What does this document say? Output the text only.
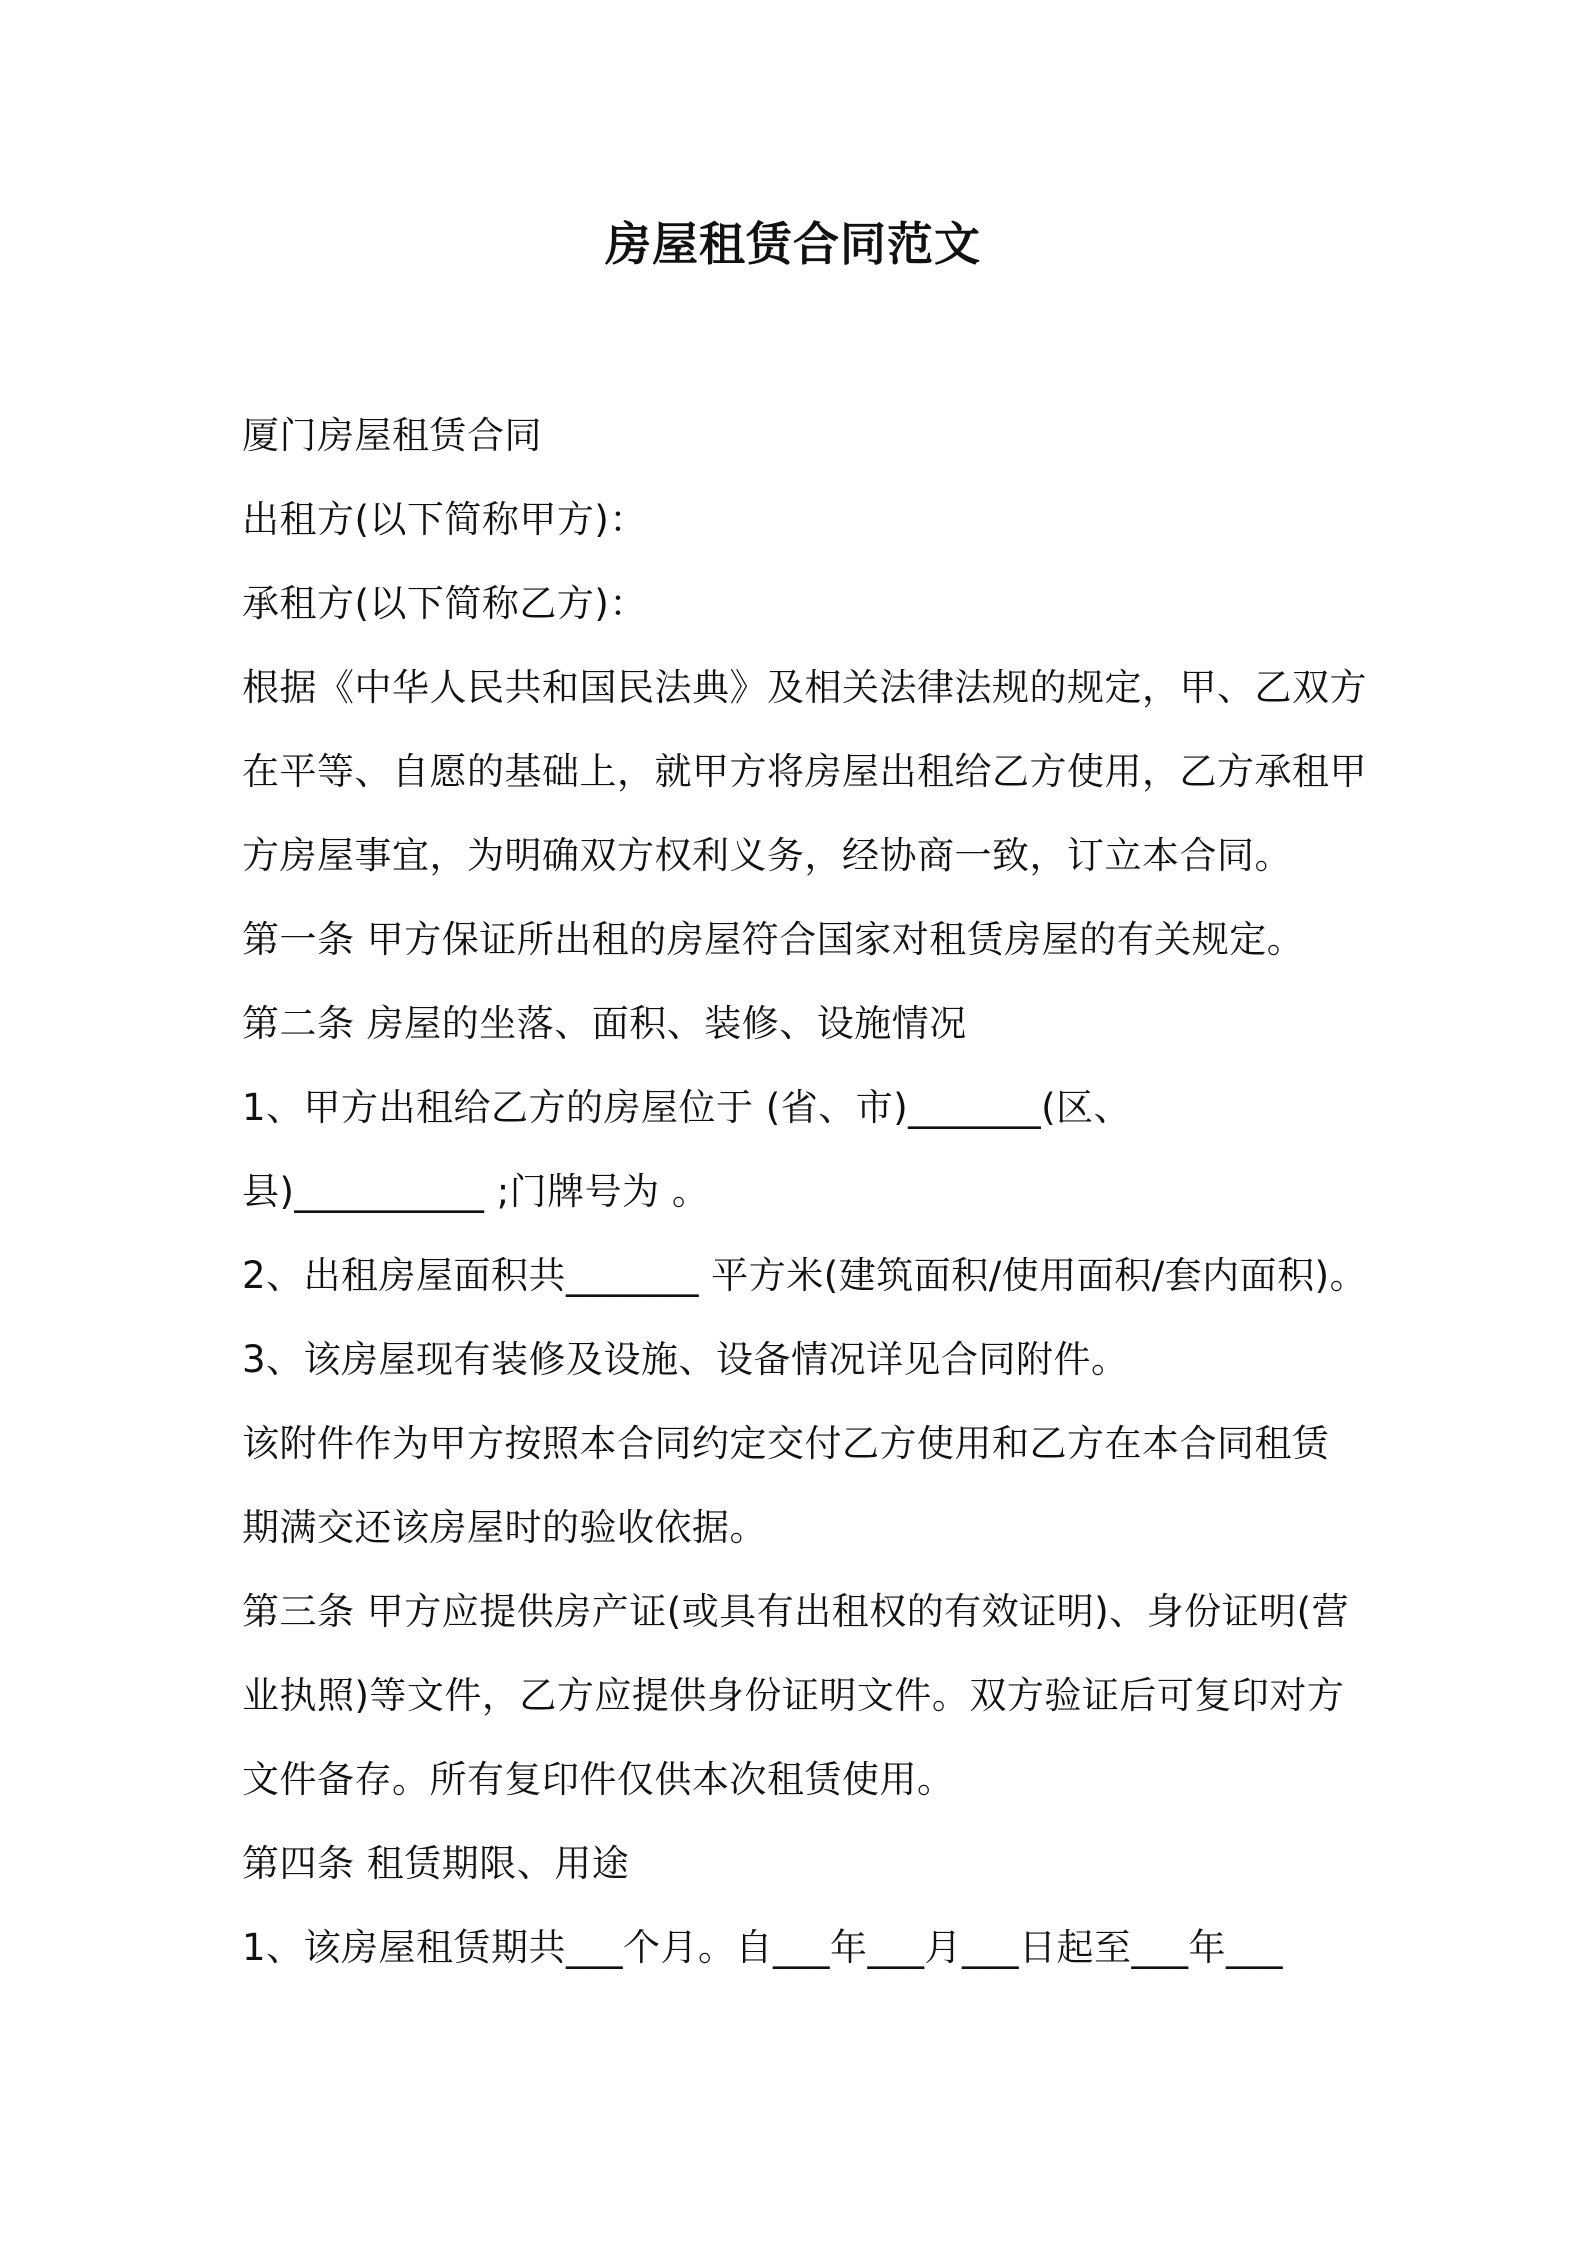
房屋租赁合同范文
厦门房屋租赁合同
出租方(以下简称甲方)：
承租方(以下简称乙方)：
根据《中华人民共和国民法典》及相关法律法规的规定，甲、乙双方
在平等、自愿的基础上，就甲方将房屋出租给乙方使用，乙方承租甲
方房屋事宜，为明确双方权利义务，经协商一致，订立本合同。
第一条 甲方保证所出租的房屋符合国家对租赁房屋的有关规定。
第二条 房屋的坐落、面积、装修、设施情况
1、甲方出租给乙方的房屋位于 (省、市)_______(区、
县)__________ ;门牌号为 。
2、出租房屋面积共_______ 平方米(建筑面积/使用面积/套内面积)。
3、该房屋现有装修及设施、设备情况详见合同附件。
该附件作为甲方按照本合同约定交付乙方使用和乙方在本合同租赁
期满交还该房屋时的验收依据。
第三条 甲方应提供房产证(或具有出租权的有效证明)、身份证明(营
业执照)等文件，乙方应提供身份证明文件。双方验证后可复印对方
文件备存。所有复印件仅供本次租赁使用。
第四条 租赁期限、用途
1、该房屋租赁期共___个月。自___年___月___日起至___年___
